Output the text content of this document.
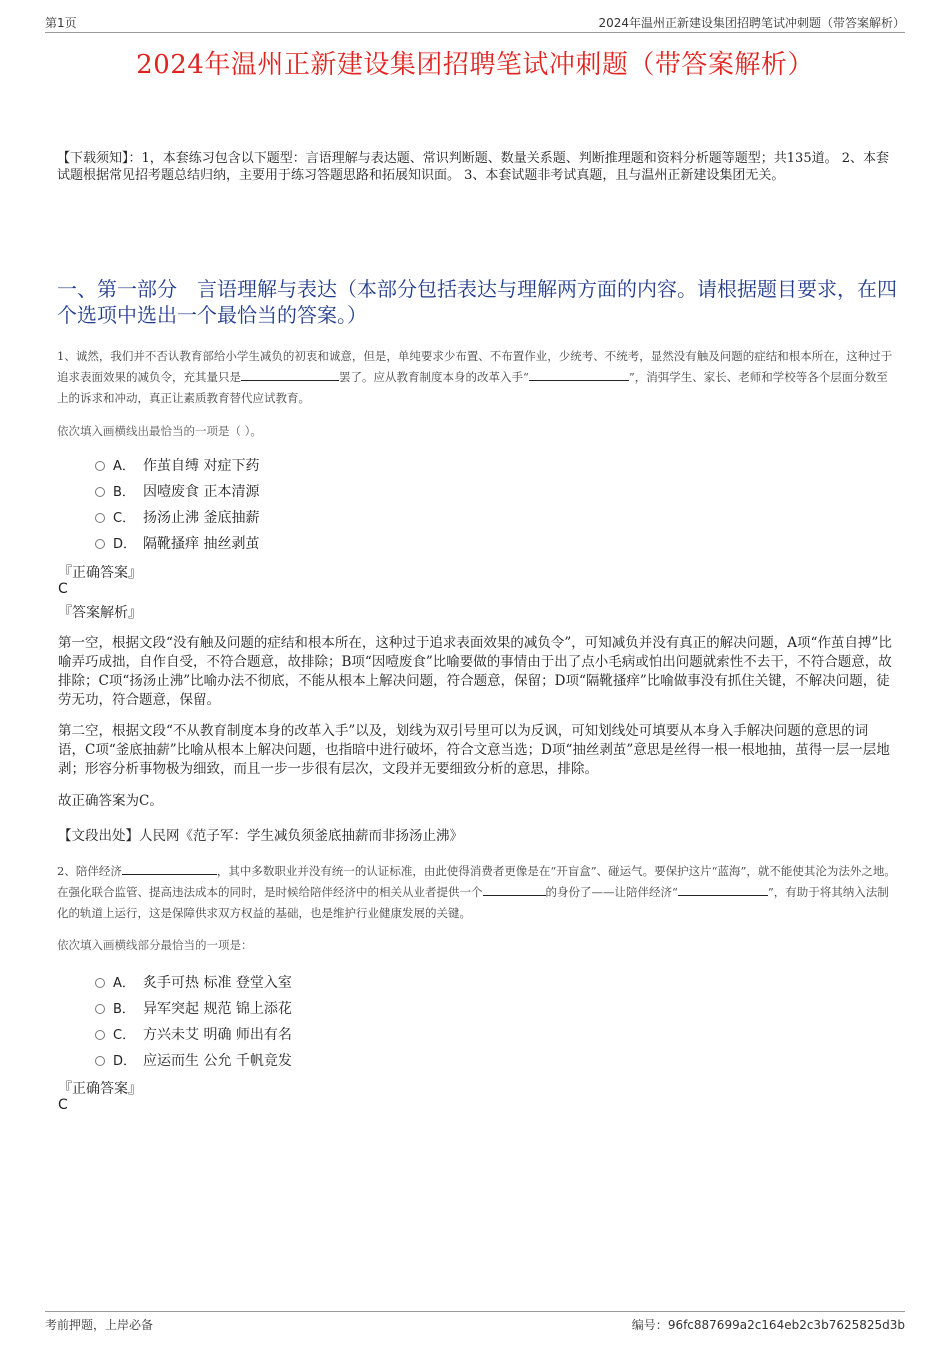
第1页	2024年温州正新建设集团招聘笔试冲刺题（带答案解析）
2024年温州正新建设集团招聘笔试冲刺题（带答案解析）
【下载须知】：1，本套练习包含以下题型：言语理解与表达题、常识判断题、数量关系题、判断推理题和资料分析题等题型；共135道。 2、本套试题根据常见招考题总结归纳，主要用于练习答题思路和拓展知识面。 3、本套试题非考试真题，且与温州正新建设集团无关。
一、第一部分　言语理解与表达（本部分包括表达与理解两方面的内容。请根据题目要求，在四个选项中选出一个最恰当的答案。）
1、诚然，我们并不否认教育部给小学生减负的初衷和诚意，但是，单纯要求少布置、不布置作业，少统考、不统考，显然没有触及问题的症结和根本所在，这种过于追求表面效果的减负令，充其量只是	罢了。应从教育制度本身的改革入手“	”，消弭学生、家长、老师和学校等各个层面分数至上的诉求和冲动，真正让素质教育替代应试教育。
依次填入画横线出最恰当的一项是（ ）。
A． 作茧自缚 对症下药
B． 因噎废食 正本清源
C． 扬汤止沸 釜底抽薪
D． 隔靴搔痒 抽丝剥茧
『正确答案』
C
『答案解析』
第一空，根据文段“没有触及问题的症结和根本所在，这种过于追求表面效果的减负令”，可知减负并没有真正的解决问题，A项“作茧自搏”比喻弄巧成拙，自作自受，不符合题意，故排除；B项“因噎废食”比喻要做的事情由于出了点小毛病或怕出问题就索性不去干，不符合题意，故排除；C项“扬汤止沸”比喻办法不彻底，不能从根本上解决问题，符合题意，保留；D项“隔靴搔痒”比喻做事没有抓住关键，不解决问题，徒劳无功，符合题意，保留。
第二空，根据文段“不从教育制度本身的改革入手”以及，划线为双引号里可以为反讽，可知划线处可填要从本身入手解决问题的意思的词语，C项“釜底抽薪”比喻从根本上解决问题，也指暗中进行破坏，符合文意当选；D项“抽丝剥茧”意思是丝得一根一根地抽，茧得一层一层地剥；形容分析事物极为细致，而且一步一步很有层次，文段并无要细致分析的意思，排除。
故正确答案为C。
【文段出处】人民网《范子军：学生减负须釜底抽薪而非扬汤止沸》
2、陪伴经济	，其中多数职业并没有统一的认证标准，由此使得消费者更像是在“开盲盒”、碰运气。要保护这片“蓝海”，就不能使其沦为法外之地。在强化联合监管、提高违法成本的同时，是时候给陪伴经济中的相关从业者提供一个	的身份了——让陪伴经济“	”，有助于将其纳入法制化的轨道上运行，这是保障供求双方权益的基础，也是维护行业健康发展的关键。
依次填入画横线部分最恰当的一项是：
A． 炙手可热 标准 登堂入室
B． 异军突起 规范 锦上添花
C． 方兴未艾 明确 师出有名
D． 应运而生 公允 千帆竞发
『正确答案』
C
考前押题，上岸必备	编号：96fc887699a2c164eb2c3b7625825d3b
